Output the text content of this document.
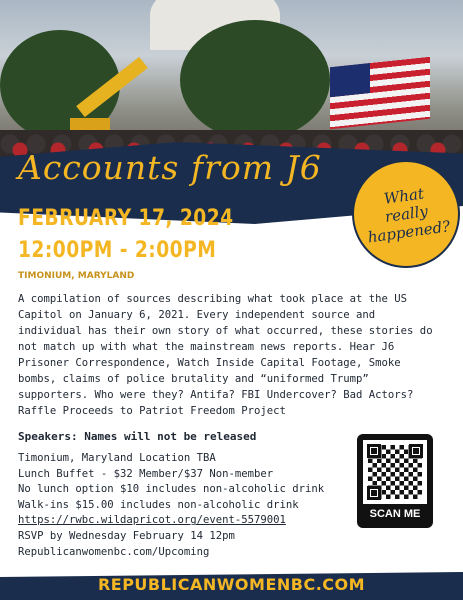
Accounts from J6
What
really
happened?
FEBRUARY 17, 2024
12:00PM - 2:00PM
TIMONIUM, MARYLAND
A compilation of sources describing what took place at the US Capitol on January 6, 2021. Every independent source and individual has their own story of what occurred, these stories do not match up with what the mainstream news reports. Hear J6 Prisoner Correspondence, Watch Inside Capital Footage, Smoke bombs, claims of police brutality and “uniformed Trump” supporters. Who were they? Antifa? FBI Undercover? Bad Actors? Raffle Proceeds to Patriot Freedom Project
Speakers: Names will not be released
Timonium, Maryland Location TBA
Lunch Buffet - $32 Member/$37 Non-member
No lunch option $10 includes non-alcoholic drink
Walk-ins $15.00 includes non-alcoholic drink
https://rwbc.wildapricot.org/event-5579001
RSVP by Wednesday February 14 12pm
Republicanwomenbc.com/Upcoming
SCAN ME
REPUBLICANWOMENBC.COM
